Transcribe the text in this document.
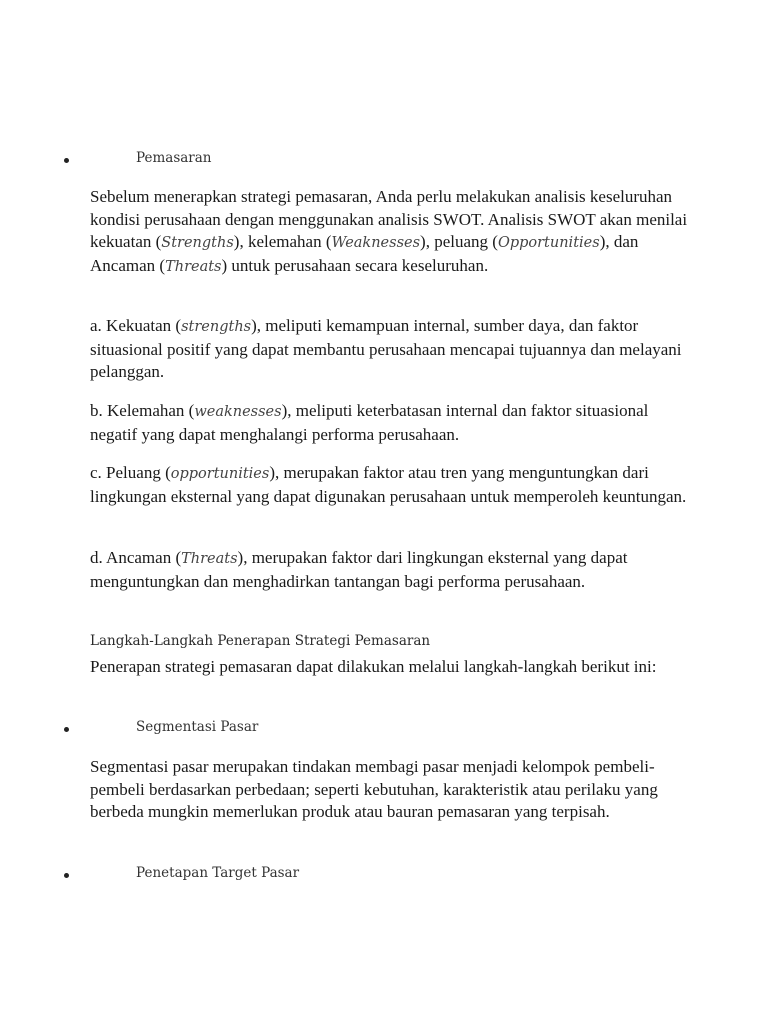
Pemasaran

Sebelum menerapkan strategi pemasaran, Anda perlu melakukan analisis keseluruhan kondisi perusahaan dengan menggunakan analisis SWOT. Analisis SWOT akan menilai kekuatan (Strengths), kelemahan (Weaknesses), peluang (Opportunities), dan Ancaman (Threats) untuk perusahaan secara keseluruhan.

a. Kekuatan (strengths), meliputi kemampuan internal, sumber daya, dan faktor situasional positif yang dapat membantu perusahaan mencapai tujuannya dan melayani pelanggan.

b. Kelemahan (weaknesses), meliputi keterbatasan internal dan faktor situasional negatif yang dapat menghalangi performa perusahaan.

c. Peluang (opportunities), merupakan faktor atau tren yang menguntungkan dari lingkungan eksternal yang dapat digunakan perusahaan untuk memperoleh keuntungan.

d. Ancaman (Threats), merupakan faktor dari lingkungan eksternal yang dapat menguntungkan dan menghadirkan tantangan bagi performa perusahaan.

Langkah-Langkah Penerapan Strategi Pemasaran

Penerapan strategi pemasaran dapat dilakukan melalui langkah-langkah berikut ini:

Segmentasi Pasar

Segmentasi pasar merupakan tindakan membagi pasar menjadi kelompok pembeli-pembeli berdasarkan perbedaan; seperti kebutuhan, karakteristik atau perilaku yang berbeda mungkin memerlukan produk atau bauran pemasaran yang terpisah.

Penetapan Target Pasar
